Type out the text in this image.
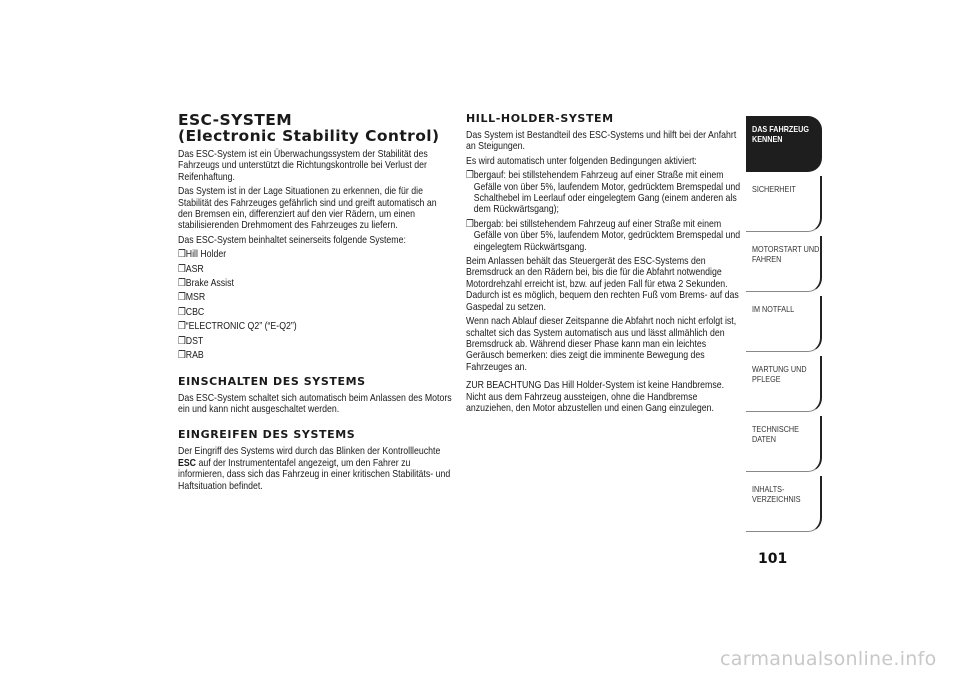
ESC-SYSTEM
(Electronic Stability Control)

Das ESC-System ist ein Überwachungssystem der Stabilität des Fahrzeugs und unterstützt die Richtungskontrolle bei Verlust der Reifenhaftung.

Das System ist in der Lage Situationen zu erkennen, die für die Stabilität des Fahrzeuges gefährlich sind und greift automatisch an den Bremsen ein, differenziert auf den vier Rädern, um einen stabilisierenden Drehmoment des Fahrzeuges zu liefern.

Das ESC-System beinhaltet seinerseits folgende Systeme:

❒ Hill Holder
❒ ASR
❒ Brake Assist
❒ MSR
❒ CBC
❒ “ELECTRONIC Q2” (“E-Q2”)
❒ DST
❒ RAB
EINSCHALTEN DES SYSTEMS

Das ESC-System schaltet sich automatisch beim Anlassen des Motors ein und kann nicht ausgeschaltet werden.

EINGREIFEN DES SYSTEMS

Der Eingriff des Systems wird durch das Blinken der Kontrollleuchte
ESC auf der Instrumententafel angezeigt, um den Fahrer zu informieren, dass sich das Fahrzeug in einer kritischen Stabilitäts- und Haftsituation befindet.

HILL-HOLDER-SYSTEM

Das System ist Bestandteil des ESC-Systems und hilft bei der Anfahrt an Steigungen.

Es wird automatisch unter folgenden Bedingungen aktiviert:

❒ bergauf: bei stillstehendem Fahrzeug auf einer Straße mit einem Gefälle von über 5%, laufendem Motor, gedrücktem Bremspedal und Schalthebel im Leerlauf oder eingelegtem Gang (einem anderen als dem Rückwärtsgang);
❒ bergab: bei stillstehendem Fahrzeug auf einer Straße mit einem Gefälle von über 5%, laufendem Motor, gedrücktem Bremspedal und eingelegtem Rückwärtsgang.

Beim Anlassen behält das Steuergerät des ESC-Systems den Bremsdruck an den Rädern bei, bis die für die Abfahrt notwendige Motordrehzahl erreicht ist, bzw. auf jeden Fall für etwa 2 Sekunden. Dadurch ist es möglich, bequem den rechten Fuß vom Brems- auf das Gaspedal zu setzen.

Wenn nach Ablauf dieser Zeitspanne die Abfahrt noch nicht erfolgt ist, schaltet sich das System automatisch aus und lässt allmählich den Bremsdruck ab. Während dieser Phase kann man ein leichtes Geräusch bemerken: dies zeigt die imminente Bewegung des Fahrzeuges an.

ZUR BEACHTUNG Das Hill Holder-System ist keine Handbremse. Nicht aus dem Fahrzeug aussteigen, ohne die Handbremse anzuziehen, den Motor abzustellen und einen Gang einzulegen.

DAS FAHRZEUG KENNEN
SICHERHEIT
MOTORSTART UND FAHREN
IM NOTFALL
WARTUNG UND PFLEGE
TECHNISCHE DATEN
INHALTS- VERZEICHNIS
101
carmanualsonline.info
